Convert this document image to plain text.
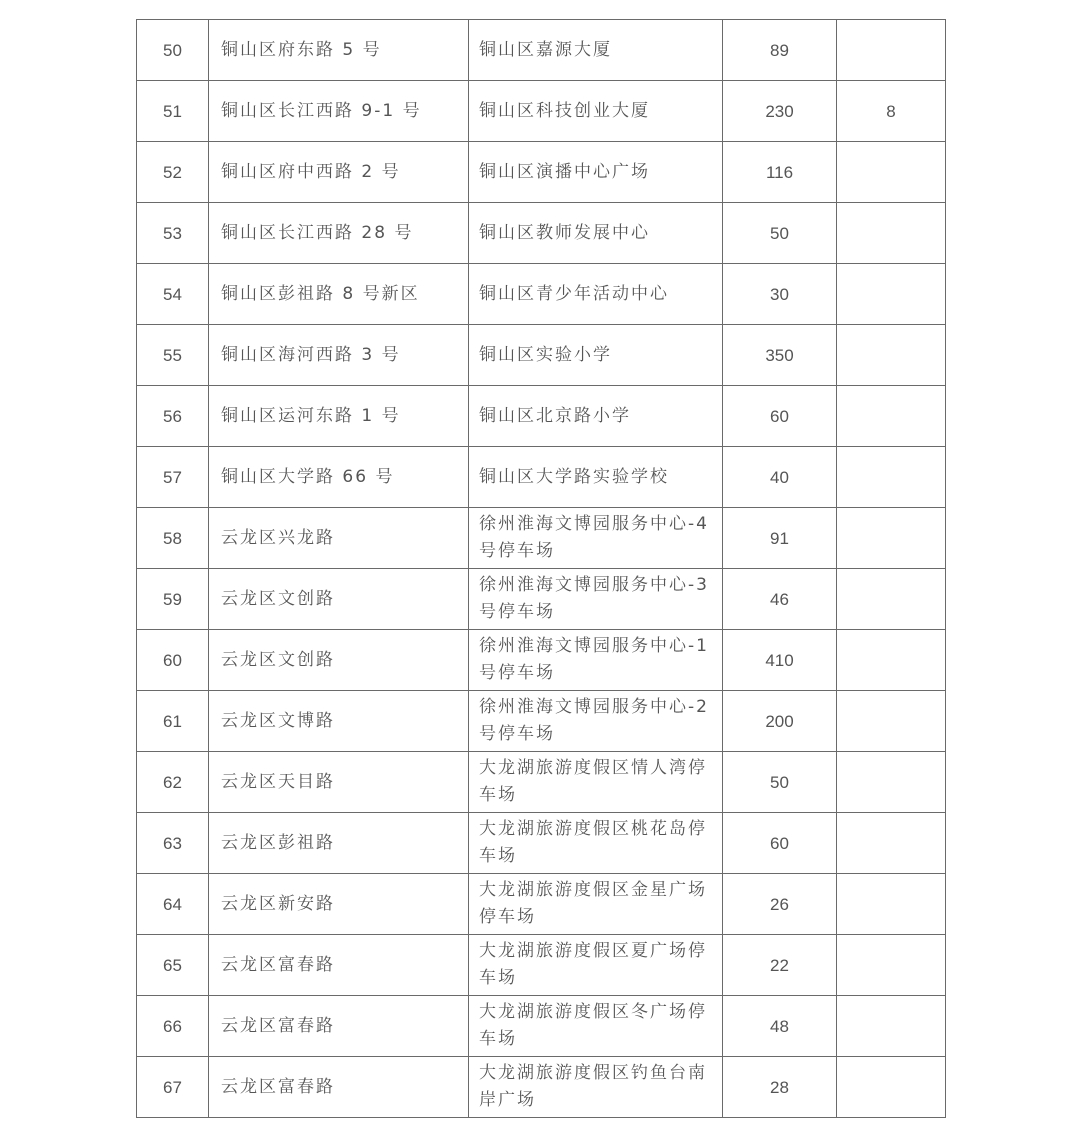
50	铜山区府东路 5 号	铜山区嘉源大厦	89	
51	铜山区长江西路 9-1 号	铜山区科技创业大厦	230	8
52	铜山区府中西路 2 号	铜山区演播中心广场	116	
53	铜山区长江西路 28 号	铜山区教师发展中心	50	
54	铜山区彭祖路 8 号新区	铜山区青少年活动中心	30	
55	铜山区海河西路 3 号	铜山区实验小学	350	
56	铜山区运河东路 1 号	铜山区北京路小学	60	
57	铜山区大学路 66 号	铜山区大学路实验学校	40	
58	云龙区兴龙路	徐州淮海文博园服务中心-4 号停车场	91	
59	云龙区文创路	徐州淮海文博园服务中心-3 号停车场	46	
60	云龙区文创路	徐州淮海文博园服务中心-1 号停车场	410	
61	云龙区文博路	徐州淮海文博园服务中心-2 号停车场	200	
62	云龙区天目路	大龙湖旅游度假区情人湾停车场	50	
63	云龙区彭祖路	大龙湖旅游度假区桃花岛停车场	60	
64	云龙区新安路	大龙湖旅游度假区金星广场停车场	26	
65	云龙区富春路	大龙湖旅游度假区夏广场停车场	22	
66	云龙区富春路	大龙湖旅游度假区冬广场停车场	48	
67	云龙区富春路	大龙湖旅游度假区钓鱼台南岸广场	28	
